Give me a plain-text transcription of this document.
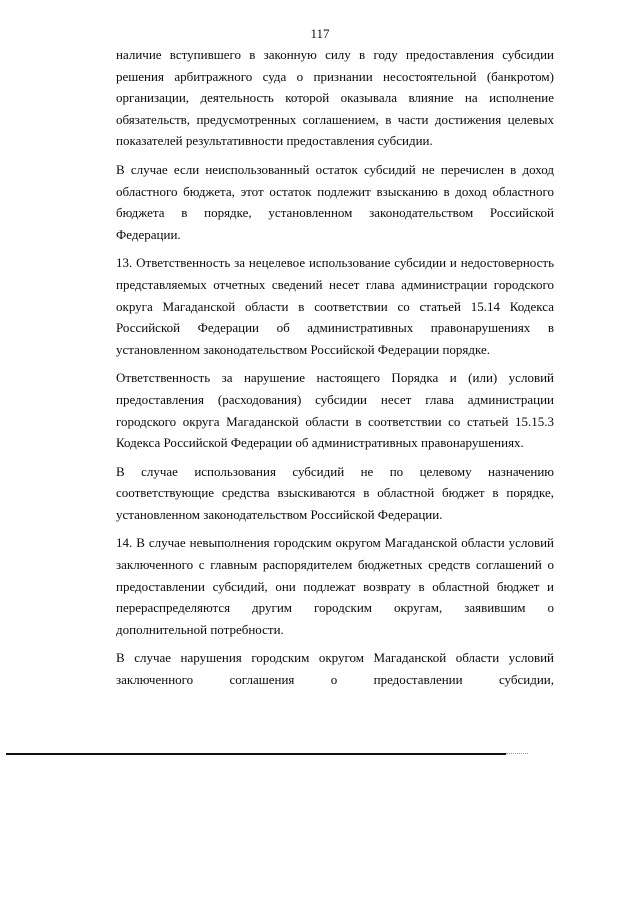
117

наличие вступившего в законную силу в году предоставления субсидии решения арбитражного суда о признании несостоятельной (банкротом) организации, деятельность которой оказывала влияние на исполнение обязательств, предусмотренных соглашением, в части достижения целевых показателей результативности предоставления субсидии.

В случае если неиспользованный остаток субсидий не перечислен в доход областного бюджета, этот остаток подлежит взысканию в доход областного бюджета в порядке, установленном законодательством Российской Федерации.

13. Ответственность за нецелевое использование субсидии и недостоверность представляемых отчетных сведений несет глава администрации городского округа Магаданской области в соответствии со статьей 15.14 Кодекса Российской Федерации об административных правонарушениях в установленном законодательством Российской Федерации порядке.

Ответственность за нарушение настоящего Порядка и (или) условий предоставления (расходования) субсидии несет глава администрации городского округа Магаданской области в соответствии со статьей 15.15.3 Кодекса Российской Федерации об административных правонарушениях.

В случае использования субсидий не по целевому назначению соответствующие средства взыскиваются в областной бюджет в порядке, установленном законодательством Российской Федерации.

14. В случае невыполнения городским округом Магаданской области условий заключенного с главным распорядителем бюджетных средств соглашений о предоставлении субсидий, они подлежат возврату в областной бюджет и перераспределяются другим городским округам, заявившим о дополнительной потребности.

В случае нарушения городским округом Магаданской области условий заключенного соглашения о предоставлении субсидии,
